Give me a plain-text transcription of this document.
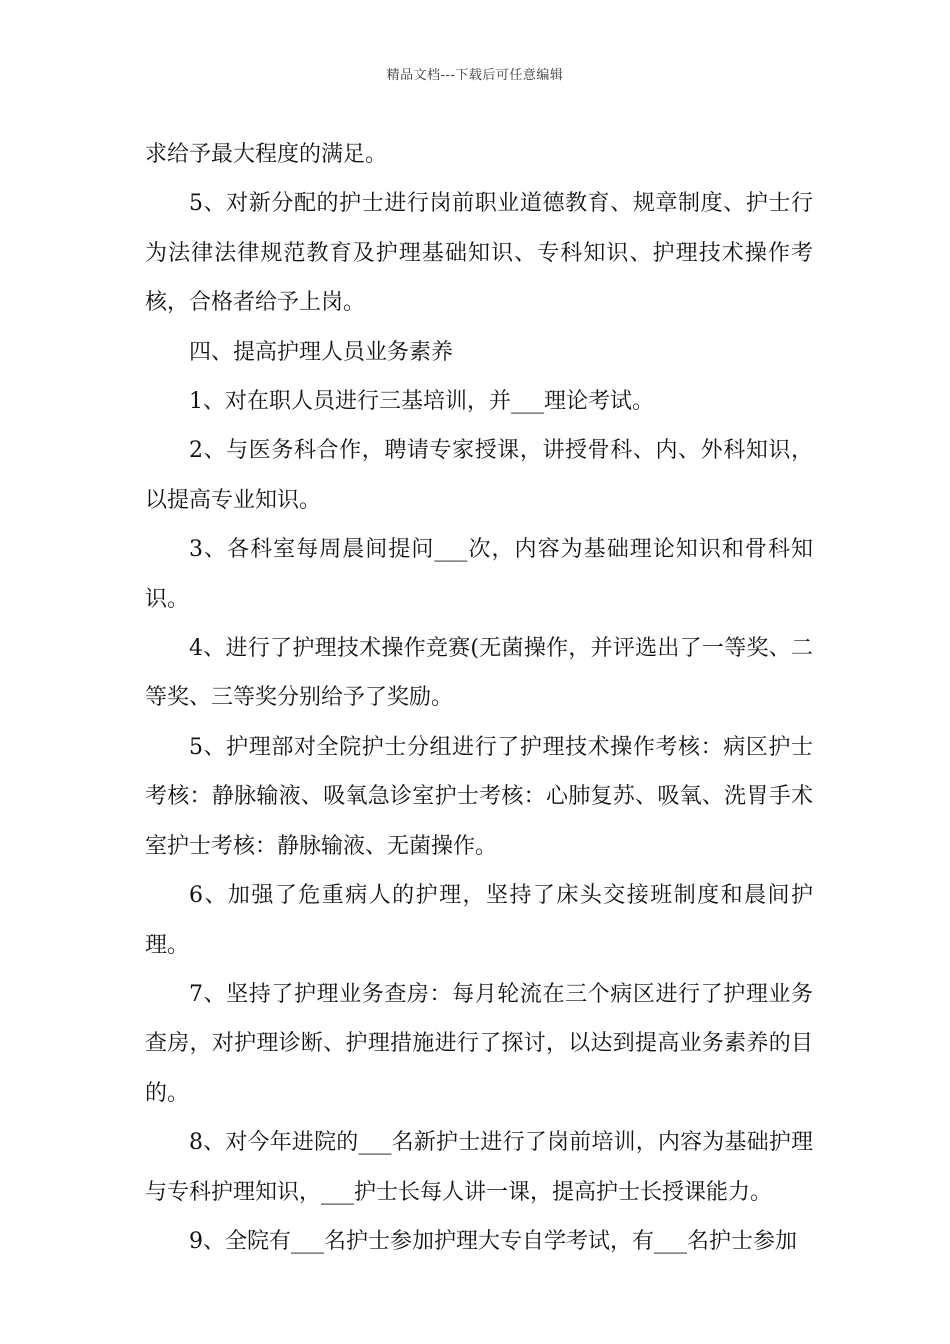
精品文档---下载后可任意编辑

求给予最大程度的满足。

5、对新分配的护士进行岗前职业道德教育、规章制度、护士行为法律法律规范教育及护理基础知识、专科知识、护理技术操作考核，合格者给予上岗。

四、提高护理人员业务素养

1、对在职人员进行三基培训，并___理论考试。

2、与医务科合作，聘请专家授课，讲授骨科、内、外科知识，以提高专业知识。

3、各科室每周晨间提问___次，内容为基础理论知识和骨科知识。

4、进行了护理技术操作竞赛(无菌操作，并评选出了一等奖、二等奖、三等奖分别给予了奖励。

5、护理部对全院护士分组进行了护理技术操作考核：病区护士考核：静脉输液、吸氧急诊室护士考核：心肺复苏、吸氧、洗胃手术室护士考核：静脉输液、无菌操作。

6、加强了危重病人的护理，坚持了床头交接班制度和晨间护理。

7、坚持了护理业务查房：每月轮流在三个病区进行了护理业务查房，对护理诊断、护理措施进行了探讨，以达到提高业务素养的目的。

8、对今年进院的___名新护士进行了岗前培训，内容为基础护理与专科护理知识，___护士长每人讲一课，提高护士长授课能力。

9、全院有___名护士参加护理大专自学考试，有___名护士参加
